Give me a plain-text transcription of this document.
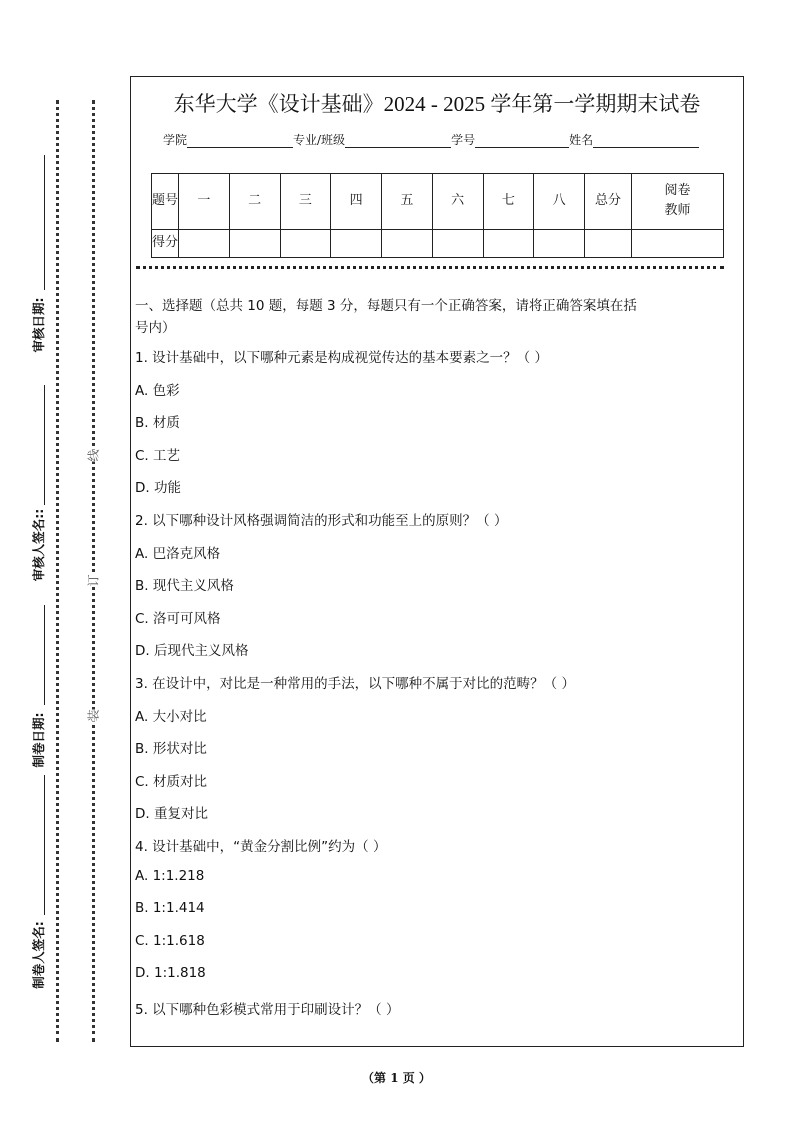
审核日期:
审核人签名::
制卷日期:
制卷人签名:
线
订
装
东华大学《设计基础》2024 - 2025 学年第一学期期末试卷
学院	专业/班级	学号	姓名
题号	一	二	三	四	五	六	七	八	总分	阅卷教师
得分										
一、选择题（总共 10 题，每题 3 分，每题只有一个正确答案，请将正确答案填在括
号内）
1. 设计基础中，以下哪种元素是构成视觉传达的基本要素之一？（ ）
A. 色彩
B. 材质
C. 工艺
D. 功能
2. 以下哪种设计风格强调简洁的形式和功能至上的原则？（ ）
A. 巴洛克风格
B. 现代主义风格
C. 洛可可风格
D. 后现代主义风格
3. 在设计中，对比是一种常用的手法，以下哪种不属于对比的范畴？（ ）
A. 大小对比
B. 形状对比
C. 材质对比
D. 重复对比
4. 设计基础中，“黄金分割比例”约为（ ）
A. 1:1.218
B. 1:1.414
C. 1:1.618
D. 1:1.818
5. 以下哪种色彩模式常用于印刷设计？（ ）
（第 1 页 ）
